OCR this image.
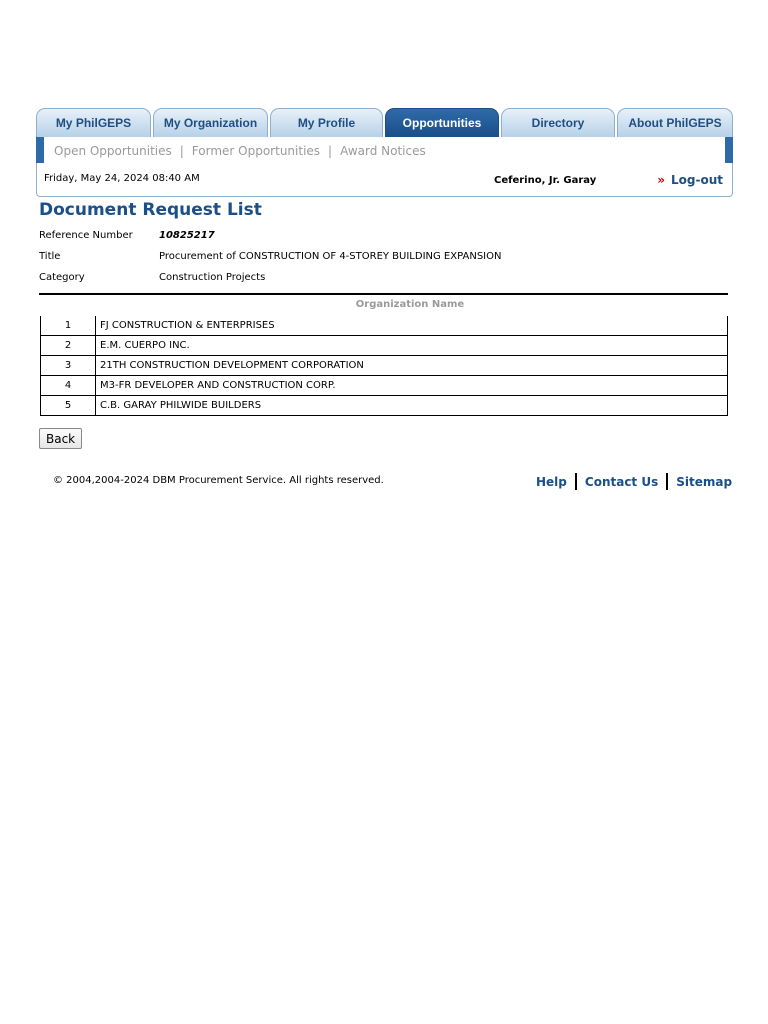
My PhilGEPS	My Organization	My Profile	Opportunities	Directory	About PhilGEPS
Open Opportunities | Former Opportunities | Award Notices
Friday, May 24, 2024 08:40 AM	Ceferino, Jr. Garay	» Log-out
Document Request List
Reference Number	10825217
Title	Procurement of CONSTRUCTION OF 4-STOREY BUILDING EXPANSION
Category	Construction Projects
Organization Name
1	FJ CONSTRUCTION & ENTERPRISES
2	E.M. CUERPO INC.
3	21TH CONSTRUCTION DEVELOPMENT CORPORATION
4	M3-FR DEVELOPER AND CONSTRUCTION CORP.
5	C.B. GARAY PHILWIDE BUILDERS
Back
© 2004,2004-2024 DBM Procurement Service. All rights reserved.	Help Contact Us Sitemap
